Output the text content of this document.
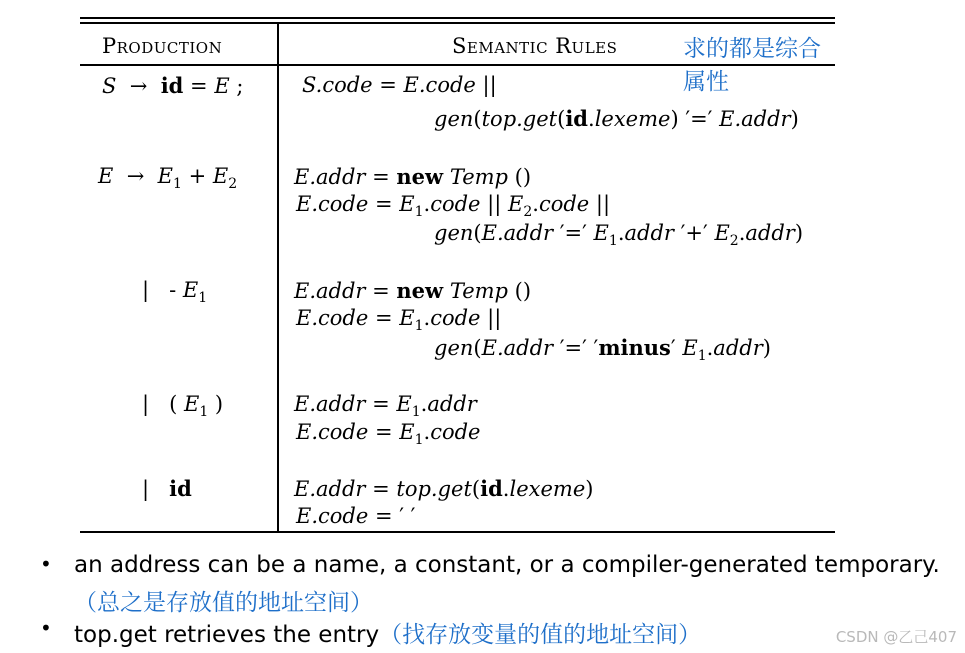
Production	Semantic Rules	求的都是综合属性
S  →  id = E ;	S.code = E.code ||
gen(top.get(id.lexeme) ′=′ E.addr)
$E \to E_1 + E_2$	E.addr = new Temp ()
E.code = $E_1.code$ || $E_2.code$ ||
gen(E.addr ′=′ $E_1.addr$ ′+′ $E_2.addr$)
|   - $E_1$	E.addr = new Temp ()
E.code = $E_1.code$ ||
gen(E.addr ′=′ ′minus′ $E_1.addr$)
|   ( $E_1$ )	E.addr = $E_1.addr$
E.code = $E_1.code$
|   id	E.addr = top.get(id.lexeme)
E.code = ′ ′
• an address can be a name, a constant, or a compiler-generated temporary.
（总之是存放值的地址空间）
• top.get retrieves the entry（找存放变量的值的地址空间）	CSDN @乙己407
